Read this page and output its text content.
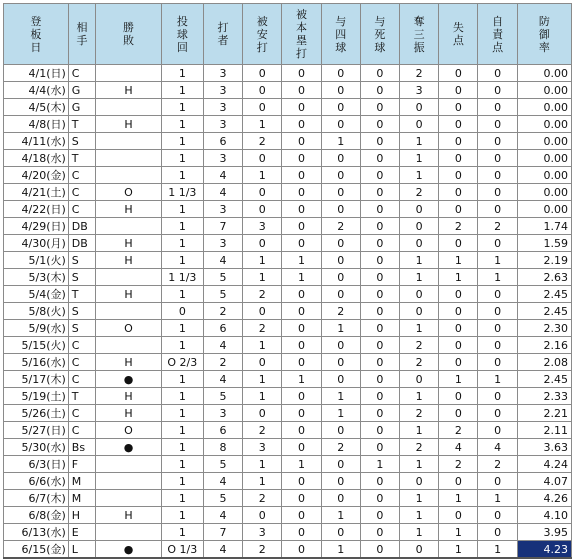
登板日	相手	勝敗	投球回	打者	被安打	被本塁打	与四球	与死球	奪三振	失点	自責点	防御率
4/1(日)	C		1	3	0	0	0	0	2	0	0	0.00
4/4(水)	G	H	1	3	0	0	0	0	3	0	0	0.00
4/5(木)	G		1	3	0	0	0	0	0	0	0	0.00
4/8(日)	T	H	1	3	1	0	0	0	0	0	0	0.00
4/11(水)	S		1	6	2	0	1	0	1	0	0	0.00
4/18(水)	T		1	3	0	0	0	0	1	0	0	0.00
4/20(金)	C		1	4	1	0	0	0	1	0	0	0.00
4/21(土)	C	O	1 1/3	4	0	0	0	0	2	0	0	0.00
4/22(日)	C	H	1	3	0	0	0	0	0	0	0	0.00
4/29(日)	DB		1	7	3	0	2	0	0	2	2	1.74
4/30(月)	DB	H	1	3	0	0	0	0	0	0	0	1.59
5/1(火)	S	H	1	4	1	1	0	0	1	1	1	2.19
5/3(木)	S		1 1/3	5	1	1	0	0	1	1	1	2.63
5/4(金)	T	H	1	5	2	0	0	0	0	0	0	2.45
5/8(火)	S		0	2	0	0	2	0	0	0	0	2.45
5/9(水)	S	O	1	6	2	0	1	0	1	0	0	2.30
5/15(火)	C		1	4	1	0	0	0	2	0	0	2.16
5/16(水)	C	H	O 2/3	2	0	0	0	0	2	0	0	2.08
5/17(木)	C	●	1	4	1	1	0	0	0	1	1	2.45
5/19(土)	T	H	1	5	1	0	1	0	1	0	0	2.33
5/26(土)	C	H	1	3	0	0	1	0	2	0	0	2.21
5/27(日)	C	O	1	6	2	0	0	0	1	2	0	2.11
5/30(水)	Bs	●	1	8	3	0	2	0	2	4	4	3.63
6/3(日)	F		1	5	1	1	0	1	1	2	2	4.24
6/6(水)	M		1	4	1	0	0	0	0	0	0	4.07
6/7(木)	M		1	5	2	0	0	0	1	1	1	4.26
6/8(金)	H	H	1	4	0	0	1	0	1	0	0	4.10
6/13(水)	E		1	7	3	0	0	0	1	1	0	3.95
6/15(金)	L	●	O 1/3	4	2	0	1	0	0	1	1	4.23
